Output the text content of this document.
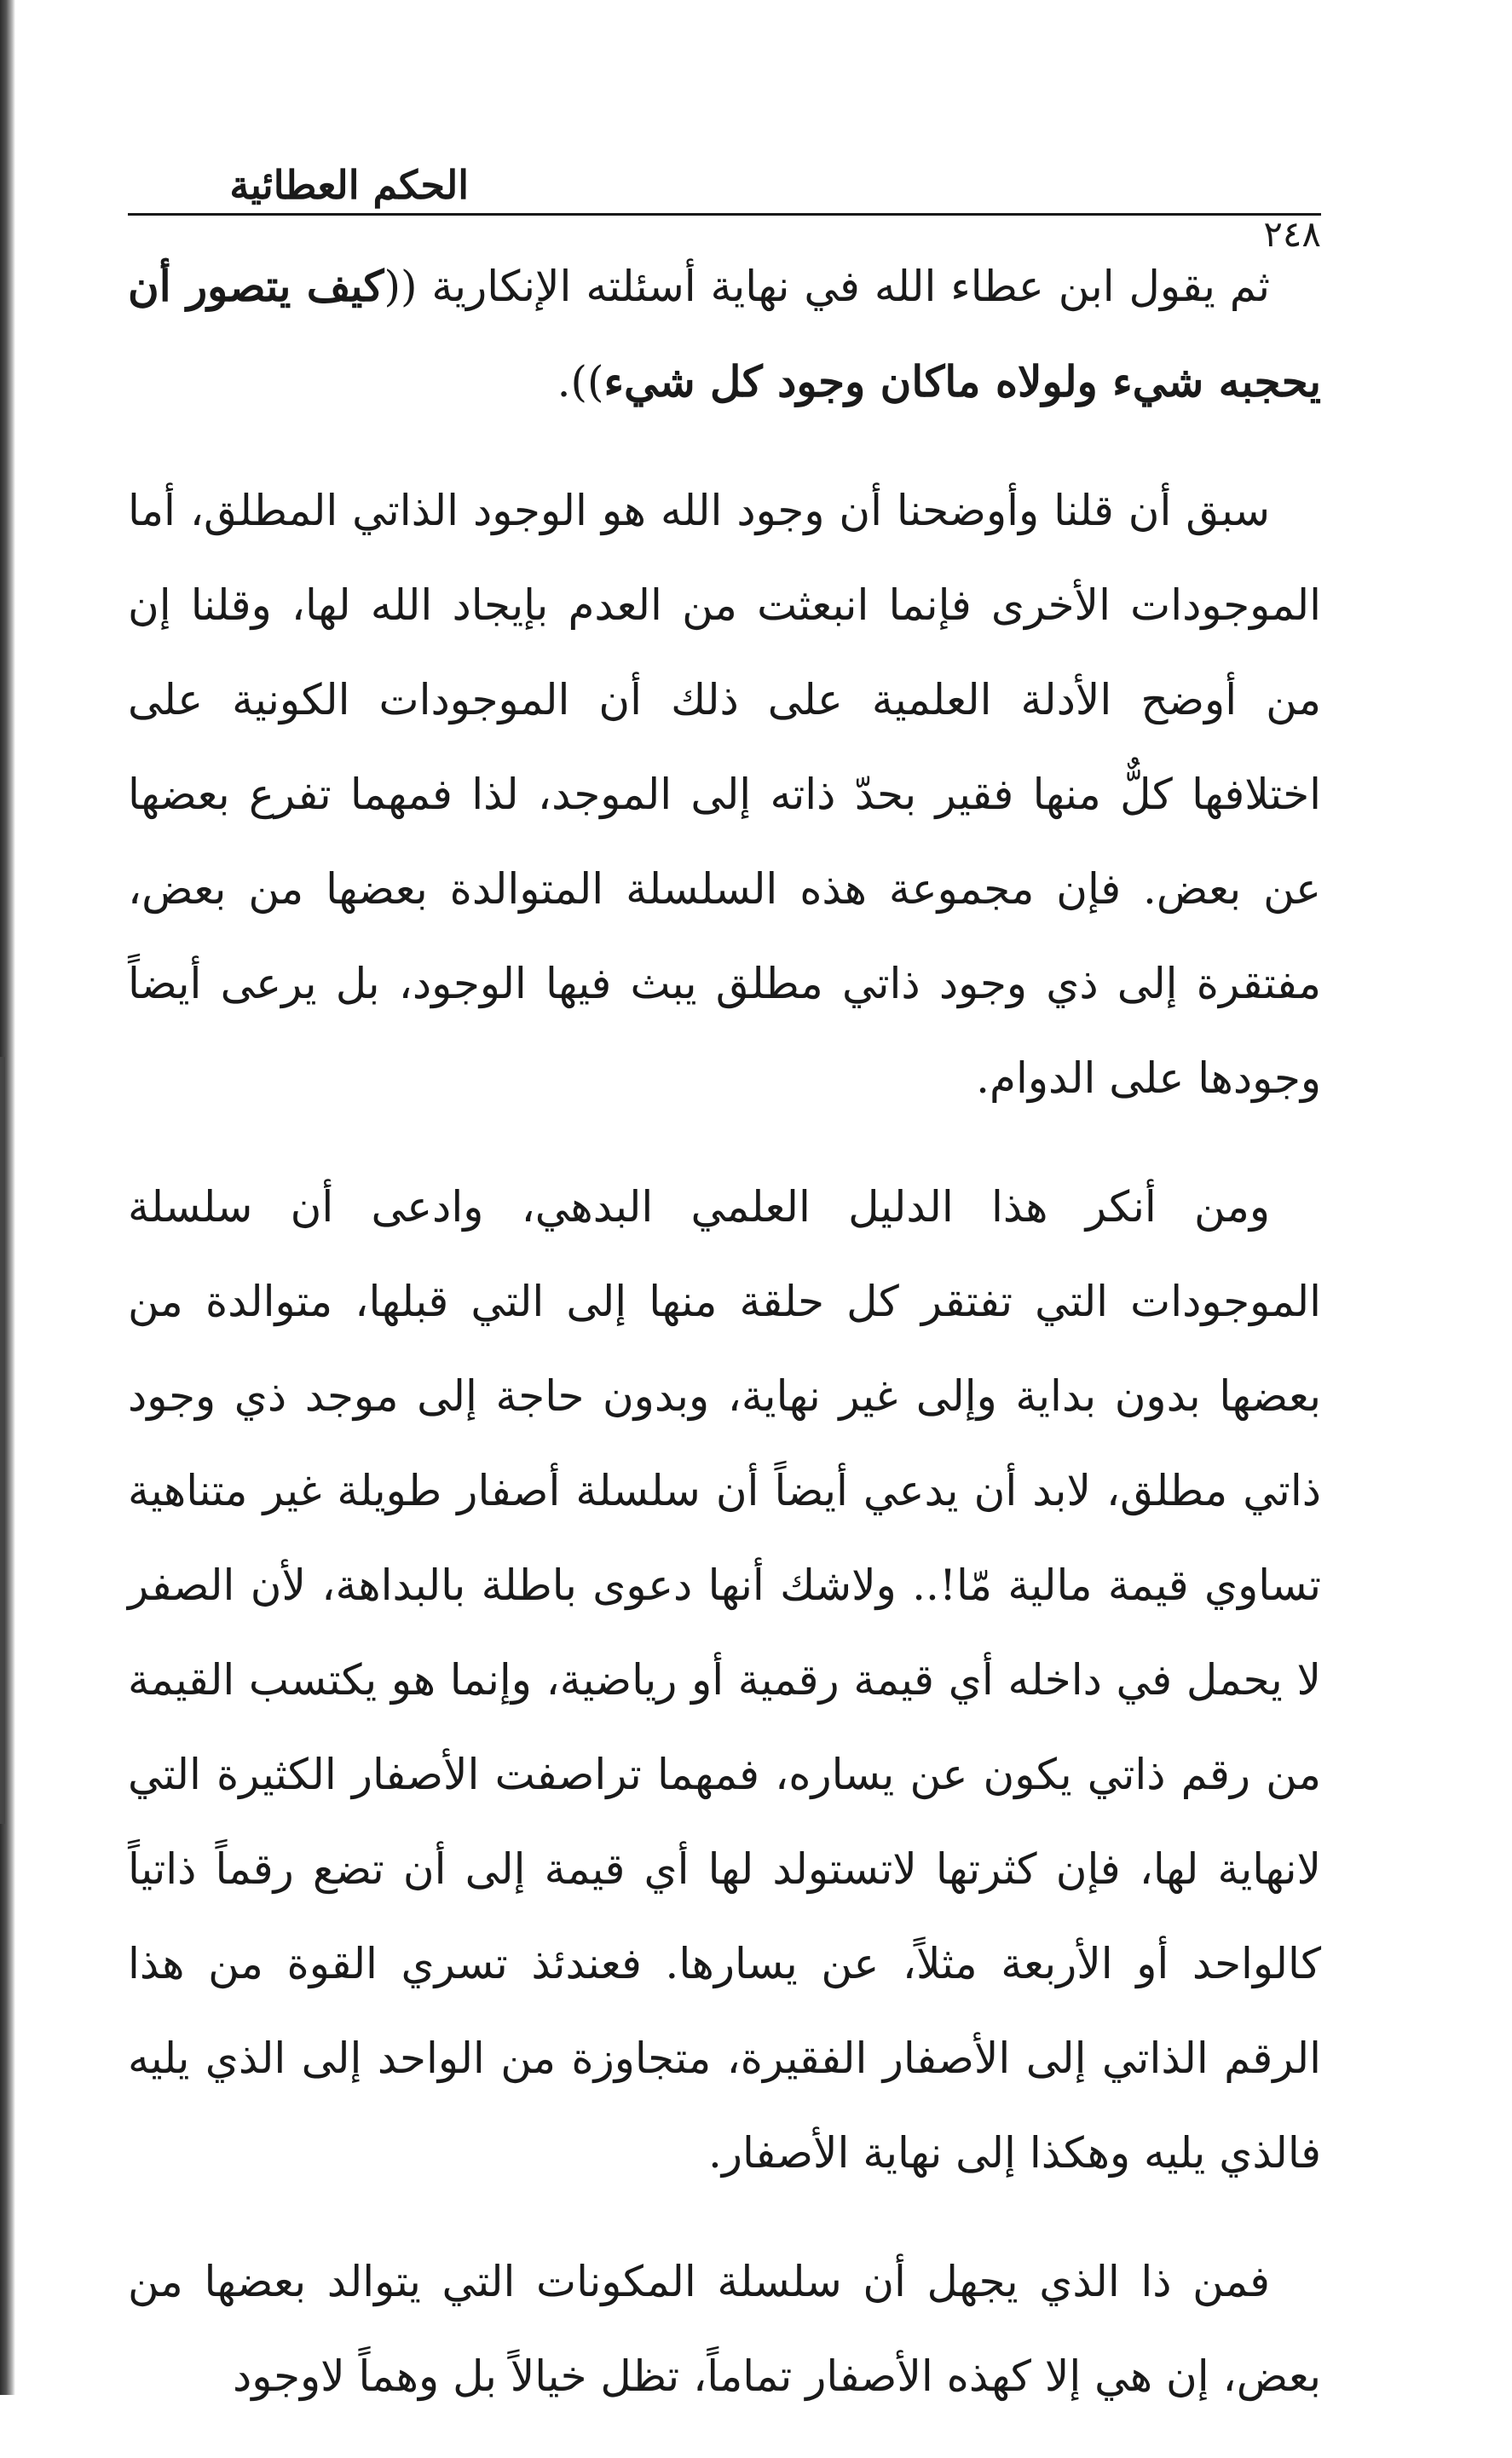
الحكم العطائية
٢٤٨

ثم يقول ابن عطاء الله في نهاية أسئلته الإنكارية ((كيف يتصور أن يحجبه شيء ولولاه ماكان وجود كل شيء)).

سبق أن قلنا وأوضحنا أن وجود الله هو الوجود الذاتي المطلق، أما الموجودات الأخرى فإنما انبعثت من العدم بإيجاد الله لها، وقلنا إن من أوضح الأدلة العلمية على ذلك أن الموجودات الكونية على اختلافها كلٌّ منها فقير بحدّ ذاته إلى الموجد، لذا فمهما تفرع بعضها عن بعض. فإن مجموعة هذه السلسلة المتوالدة بعضها من بعض، مفتقرة إلى ذي وجود ذاتي مطلق يبث فيها الوجود، بل يرعى أيضاً وجودها على الدوام.

ومن أنكر هذا الدليل العلمي البدهي، وادعى أن سلسلة الموجودات التي تفتقر كل حلقة منها إلى التي قبلها، متوالدة من بعضها بدون بداية وإلى غير نهاية، وبدون حاجة إلى موجد ذي وجود ذاتي مطلق، لابد أن يدعي أيضاً أن سلسلة أصفار طويلة غير متناهية تساوي قيمة مالية مّا!.. ولاشك أنها دعوى باطلة بالبداهة، لأن الصفر لا يحمل في داخله أي قيمة رقمية أو رياضية، وإنما هو يكتسب القيمة من رقم ذاتي يكون عن يساره، فمهما تراصفت الأصفار الكثيرة التي لانهاية لها، فإن كثرتها لاتستولد لها أي قيمة إلى أن تضع رقماً ذاتياً كالواحد أو الأربعة مثلاً، عن يسارها. فعندئذ تسري القوة من هذا الرقم الذاتي إلى الأصفار الفقيرة، متجاوزة من الواحد إلى الذي يليه فالذي يليه وهكذا إلى نهاية الأصفار.

فمن ذا الذي يجهل أن سلسلة المكونات التي يتوالد بعضها من بعض، إن هي إلا كهذه الأصفار تماماً، تظل خيالاً بل وهماً لاوجود
